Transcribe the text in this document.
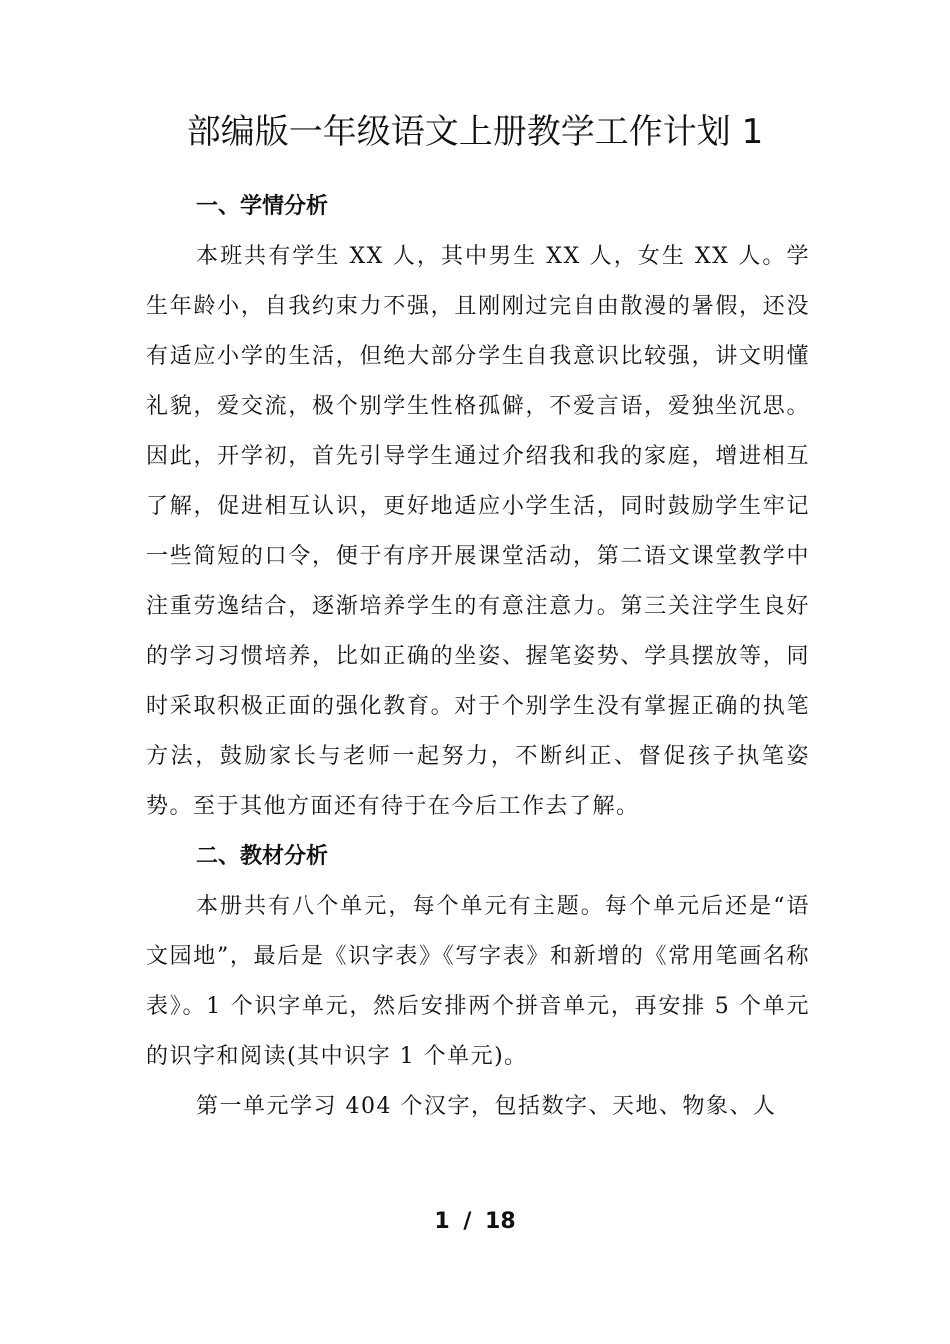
部编版一年级语文上册教学工作计划 1
一、学情分析

本班共有学生 XX 人，其中男生 XX 人，女生 XX 人。学生年龄小，自我约束力不强，且刚刚过完自由散漫的暑假，还没有适应小学的生活，但绝大部分学生自我意识比较强，讲文明懂礼貌，爱交流，极个别学生性格孤僻，不爱言语，爱独坐沉思。因此，开学初，首先引导学生通过介绍我和我的家庭，增进相互了解，促进相互认识，更好地适应小学生活，同时鼓励学生牢记一些简短的口令，便于有序开展课堂活动，第二语文课堂教学中注重劳逸结合，逐渐培养学生的有意注意力。第三关注学生良好的学习习惯培养，比如正确的坐姿、握笔姿势、学具摆放等，同时采取积极正面的强化教育。对于个别学生没有掌握正确的执笔方法，鼓励家长与老师一起努力，不断纠正、督促孩子执笔姿势。至于其他方面还有待于在今后工作去了解。

二、教材分析

本册共有八个单元，每个单元有主题。每个单元后还是“语文园地”，最后是《识字表》《写字表》和新增的《常用笔画名称表》。1 个识字单元，然后安排两个拼音单元，再安排 5 个单元的识字和阅读(其中识字 1 个单元)。

第一单元学习 404 个汉字，包括数字、天地、物象、人

1 / 18
